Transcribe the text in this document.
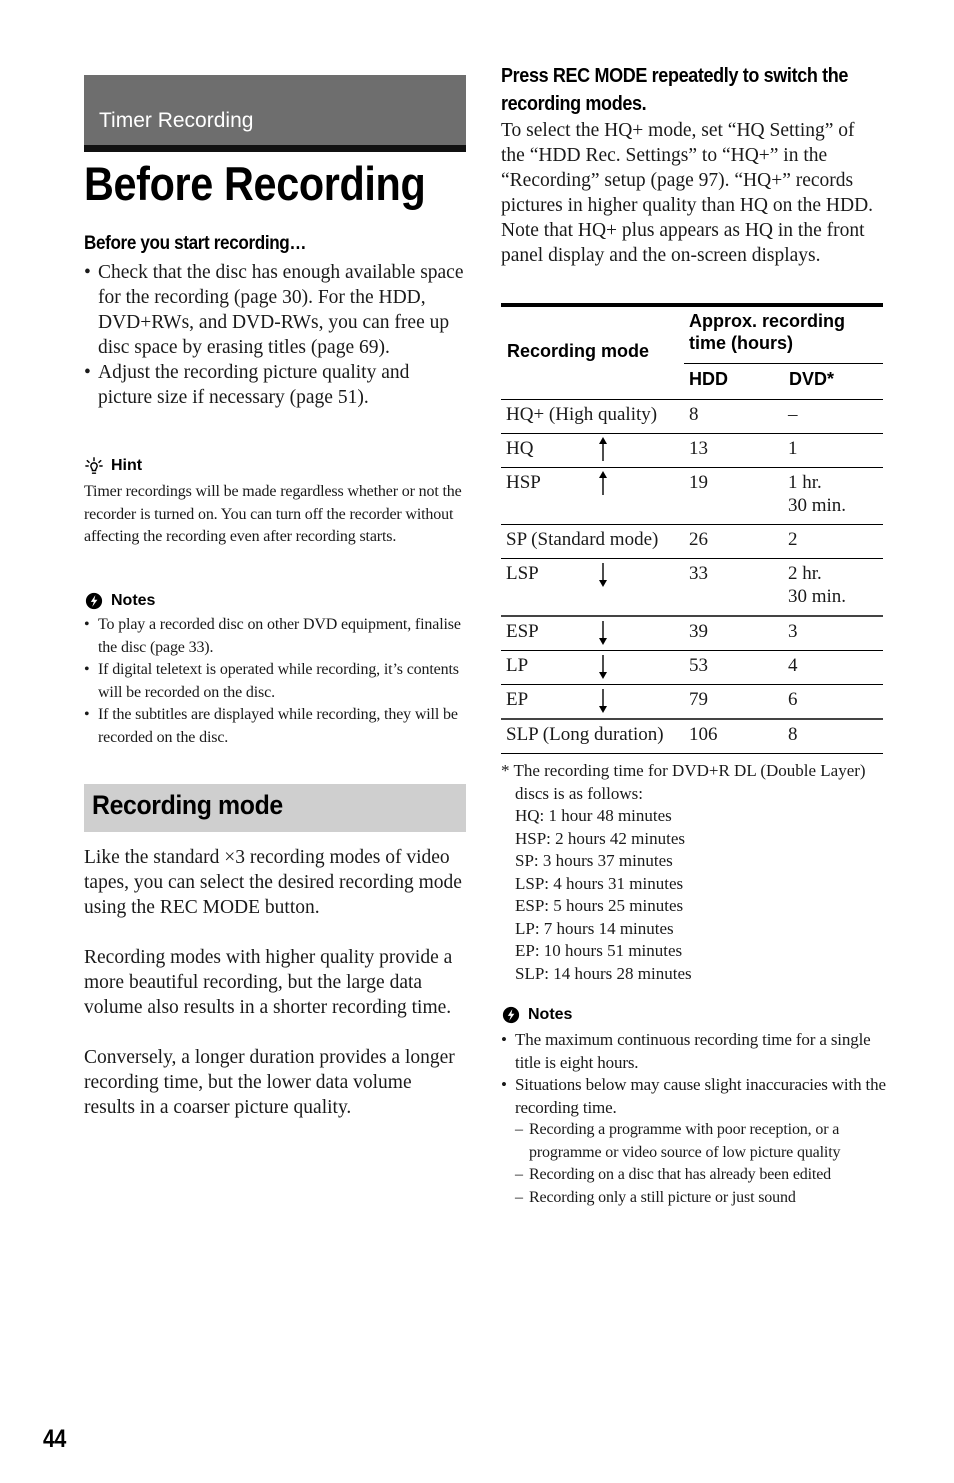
Timer Recording
Before Recording
Before you start recording…
• Check that the disc has enough available space for the recording (page 30). For the HDD, DVD+RWs, and DVD-RWs, you can free up disc space by erasing titles (page 69).
• Adjust the recording picture quality and picture size if necessary (page 51).
Hint

Timer recordings will be made regardless whether or not the recorder is turned on. You can turn off the recorder without affecting the recording even after recording starts.

Notes
• To play a recorded disc on other DVD equipment, finalise the disc (page 33).
• If digital teletext is operated while recording, it’s contents will be recorded on the disc.
• If the subtitles are displayed while recording, they will be recorded on the disc.
Recording mode

Like the standard ×3 recording modes of video tapes, you can select the desired recording mode using the REC MODE button.

Recording modes with higher quality provide a more beautiful recording, but the large data volume also results in a shorter recording time.

Conversely, a longer duration provides a longer recording time, but the lower data volume results in a coarser picture quality.

Press REC MODE repeatedly to switch the recording modes.

To select the HQ+ mode, set “HQ Setting” of the “HDD Rec. Settings” to “HQ+” in the “Recording” setup (page 97). “HQ+” records pictures in higher quality than HQ on the HDD. Note that HQ+ plus appears as HQ in the front panel display and the on-screen displays.

Recording mode
Approx. recording time (hours)
HDD	DVD*
HQ+ (High quality) 8	–
HQ	13	1
HSP	19	1 hr.
30 min.
SP (Standard mode) 26	2
LSP	33	2 hr.
30 min.
ESP	39	3
LP	53	4
EP	79	6
SLP (Long duration) 106	8
* The recording time for DVD+R DL (Double Layer) discs is as follows:
HQ: 1 hour 48 minutes
HSP: 2 hours 42 minutes
SP: 3 hours 37 minutes
LSP: 4 hours 31 minutes
ESP: 5 hours 25 minutes
LP: 7 hours 14 minutes
EP: 10 hours 51 minutes
SLP: 14 hours 28 minutes
Notes
• The maximum continuous recording time for a single title is eight hours.
• Situations below may cause slight inaccuracies with the recording time.
– Recording a programme with poor reception, or a programme or video source of low picture quality
– Recording on a disc that has already been edited
– Recording only a still picture or just sound
44
